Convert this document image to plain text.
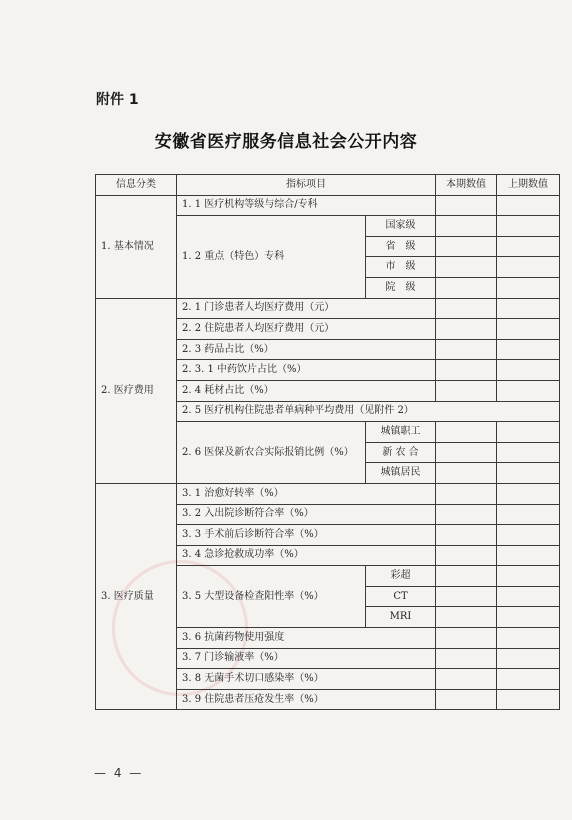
附件 1
安徽省医疗服务信息社会公开内容
信息分类	指标项目		本期数值	上期数值
1. 基本情况	1. 1 医疗机构等级与综合/专科			
	1. 2 重点（特色）专科	国家级		
		省　级		
		市　级		
		院　级		
2. 医疗费用	2. 1 门诊患者人均医疗费用（元）			
	2. 2 住院患者人均医疗费用（元）			
	2. 3 药品占比（%）			
	2. 3. 1 中药饮片占比（%）			
	2. 4 耗材占比（%）			
	2. 5 医疗机构住院患者单病种平均费用（见附件 2）			
	2. 6 医保及新农合实际报销比例（%）	城镇职工		
		新 农 合		
		城镇居民		
3. 医疗质量	3. 1 治愈好转率（%）			
	3. 2 入出院诊断符合率（%）			
	3. 3 手术前后诊断符合率（%）			
	3. 4 急诊抢救成功率（%）			
	3. 5 大型设备检查阳性率（%）	彩超		
		CT		
		MRI		
	3. 6 抗菌药物使用强度			
	3. 7 门诊输液率（%）			
	3. 8 无菌手术切口感染率（%）			
	3. 9 住院患者压疮发生率（%）			
— 4 —
